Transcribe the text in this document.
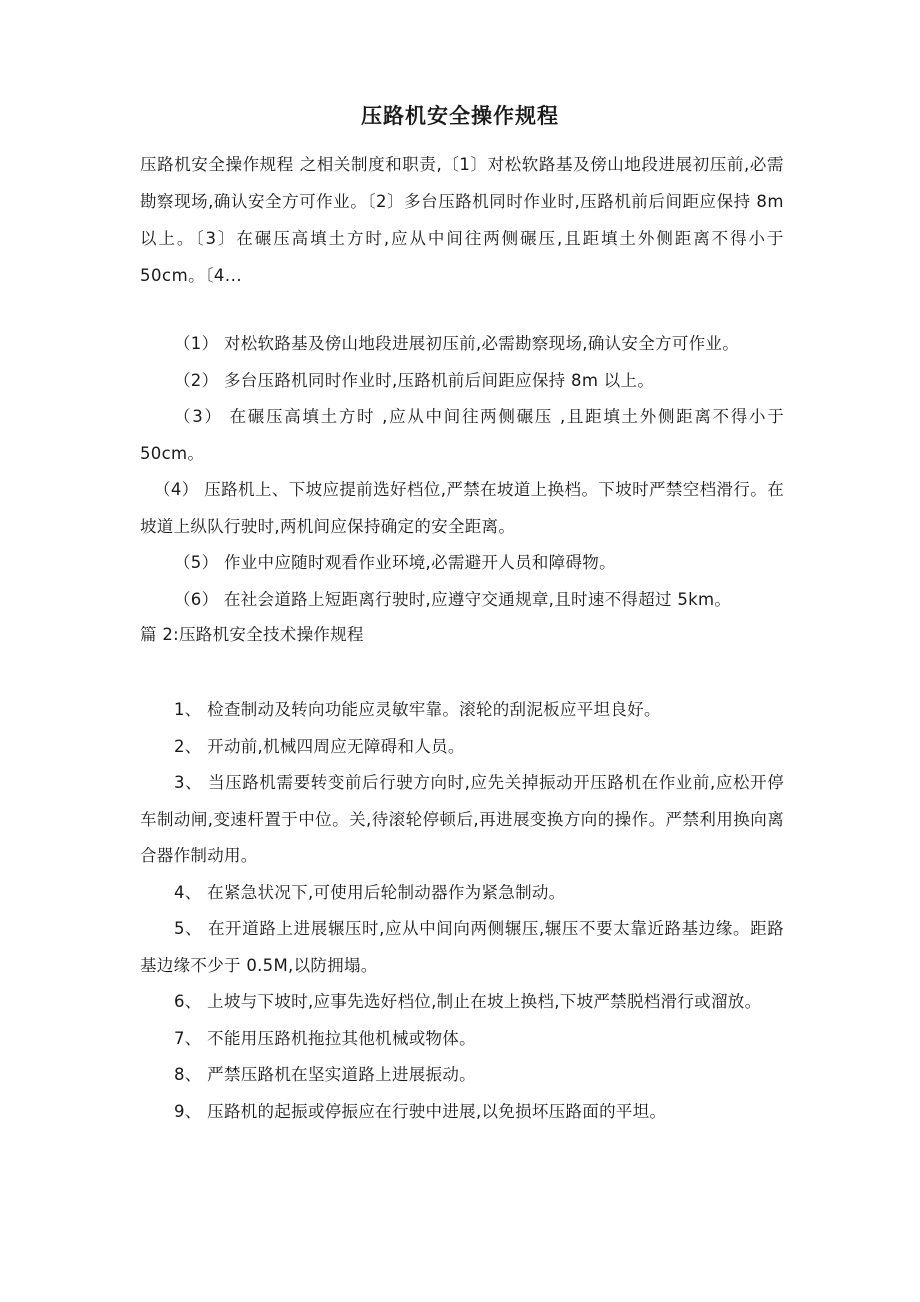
压路机安全操作规程

压路机安全操作规程 之相关制度和职责,〔1〕对松软路基及傍山地段进展初压前,必需勘察现场,确认安全方可作业。〔2〕多台压路机同时作业时,压路机前后间距应保持 8m 以上。〔3〕在碾压高填土方时,应从中间往两侧碾压,且距填土外侧距离不得小于 50cm。〔4...

（1） 对松软路基及傍山地段进展初压前,必需勘察现场,确认安全方可作业。
（2） 多台压路机同时作业时,压路机前后间距应保持 8m 以上。
（3） 在碾压高填土方时 ,应从中间往两侧碾压 ,且距填土外侧距离不得小于 50cm。
（4） 压路机上、下坡应提前选好档位,严禁在坡道上换档。下坡时严禁空档滑行。在坡道上纵队行驶时,两机间应保持确定的安全距离。
（5） 作业中应随时观看作业环境,必需避开人员和障碍物。
（6） 在社会道路上短距离行驶时,应遵守交通规章,且时速不得超过 5km。
篇 2:压路机安全技术操作规程
1、 检查制动及转向功能应灵敏牢靠。滚轮的刮泥板应平坦良好。
2、 开动前,机械四周应无障碍和人员。
3、 当压路机需要转变前后行驶方向时,应先关掉振动开压路机在作业前,应松开停车制动闸,变速杆置于中位。关,待滚轮停顿后,再进展变换方向的操作。严禁利用换向离合器作制动用。
4、 在紧急状况下,可使用后轮制动器作为紧急制动。
5、 在开道路上进展辗压时,应从中间向两侧辗压,辗压不要太靠近路基边缘。距路基边缘不少于 0.5M,以防拥塌。
6、 上坡与下坡时,应事先选好档位,制止在坡上换档,下坡严禁脱档滑行或溜放。
7、 不能用压路机拖拉其他机械或物体。
8、 严禁压路机在坚实道路上进展振动。
9、 压路机的起振或停振应在行驶中进展,以免损坏压路面的平坦。
